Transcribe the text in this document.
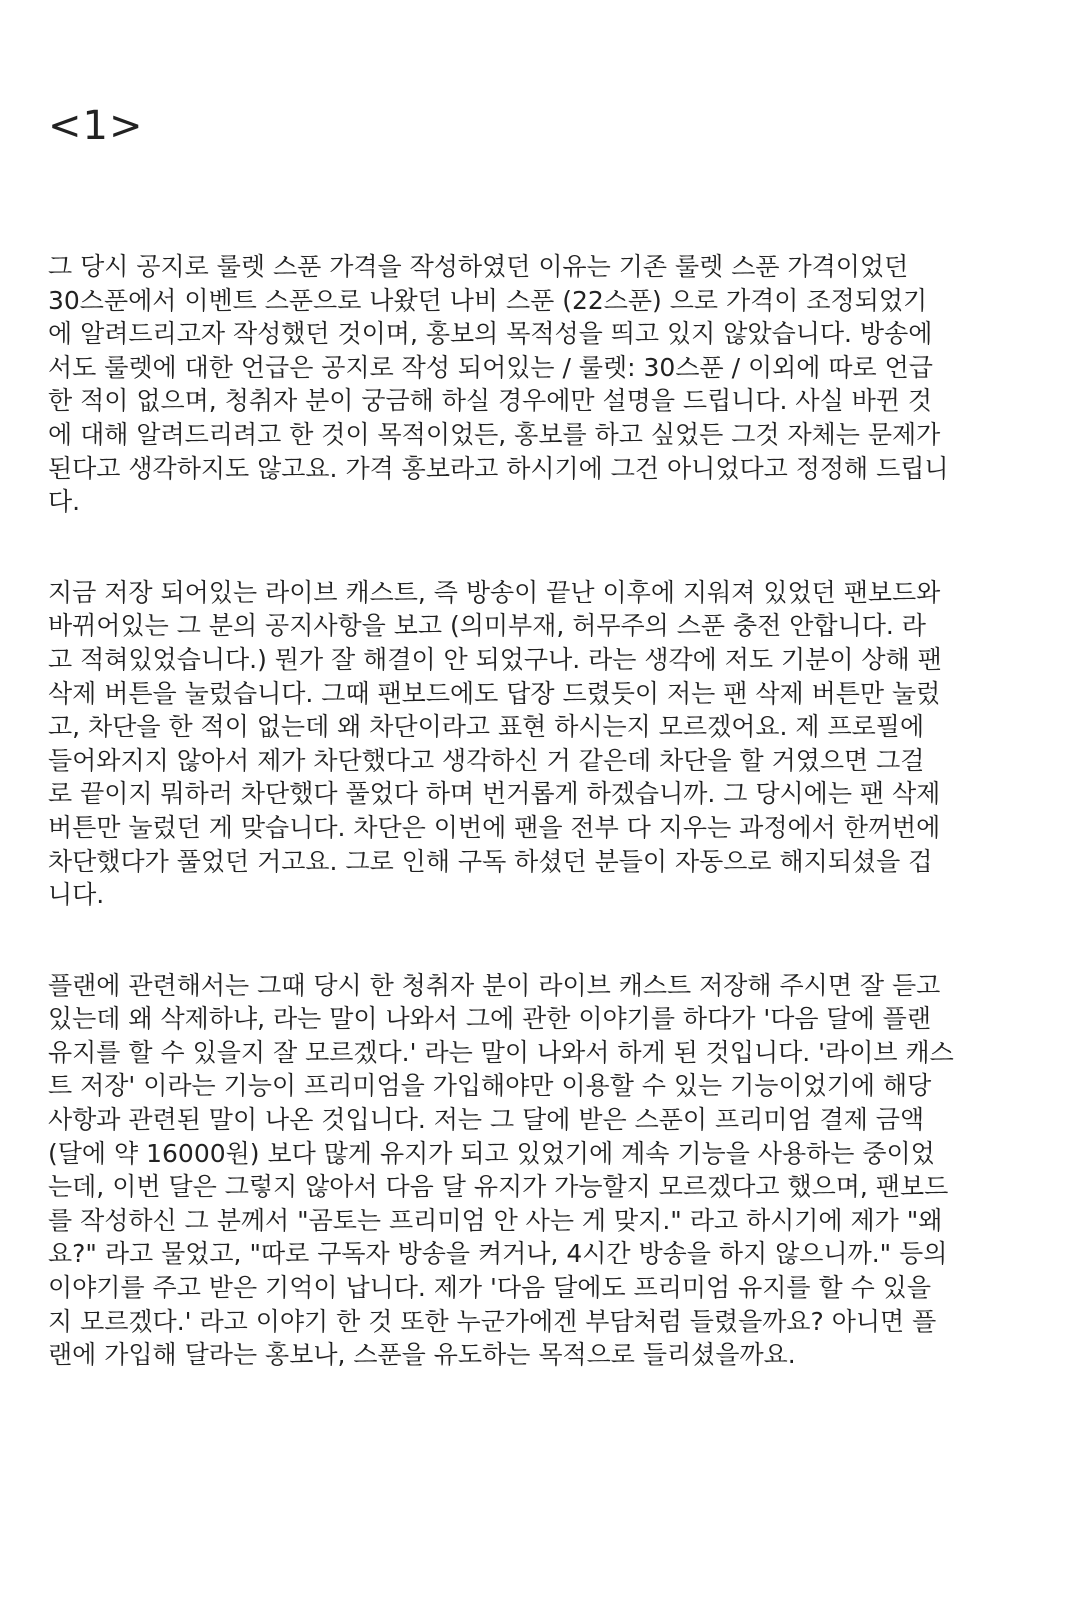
<1>

그 당시 공지로 룰렛 스푼 가격을 작성하였던 이유는 기존 룰렛 스푼 가격이었던
30스푼에서 이벤트 스푼으로 나왔던 나비 스푼 (22스푼) 으로 가격이 조정되었기
에 알려드리고자 작성했던 것이며, 홍보의 목적성을 띄고 있지 않았습니다. 방송에
서도 룰렛에 대한 언급은 공지로 작성 되어있는 / 룰렛: 30스푼 / 이외에 따로 언급
한 적이 없으며, 청취자 분이 궁금해 하실 경우에만 설명을 드립니다. 사실 바뀐 것
에 대해 알려드리려고 한 것이 목적이었든, 홍보를 하고 싶었든 그것 자체는 문제가
된다고 생각하지도 않고요. 가격 홍보라고 하시기에 그건 아니었다고 정정해 드립니
다.

지금 저장 되어있는 라이브 캐스트, 즉 방송이 끝난 이후에 지워져 있었던 팬보드와
바뀌어있는 그 분의 공지사항을 보고 (의미부재, 허무주의 스푼 충전 안합니다. 라
고 적혀있었습니다.) 뭔가 잘 해결이 안 되었구나. 라는 생각에 저도 기분이 상해 팬
삭제 버튼을 눌렀습니다. 그때 팬보드에도 답장 드렸듯이 저는 팬 삭제 버튼만 눌렀
고, 차단을 한 적이 없는데 왜 차단이라고 표현 하시는지 모르겠어요. 제 프로필에
들어와지지 않아서 제가 차단했다고 생각하신 거 같은데 차단을 할 거였으면 그걸
로 끝이지 뭐하러 차단했다 풀었다 하며 번거롭게 하겠습니까. 그 당시에는 팬 삭제
버튼만 눌렀던 게 맞습니다. 차단은 이번에 팬을 전부 다 지우는 과정에서 한꺼번에
차단했다가 풀었던 거고요. 그로 인해 구독 하셨던 분들이 자동으로 해지되셨을 겁
니다.

플랜에 관련해서는 그때 당시 한 청취자 분이 라이브 캐스트 저장해 주시면 잘 듣고
있는데 왜 삭제하냐, 라는 말이 나와서 그에 관한 이야기를 하다가 '다음 달에 플랜
유지를 할 수 있을지 잘 모르겠다.' 라는 말이 나와서 하게 된 것입니다. '라이브 캐스
트 저장' 이라는 기능이 프리미엄을 가입해야만 이용할 수 있는 기능이었기에 해당
사항과 관련된 말이 나온 것입니다. 저는 그 달에 받은 스푼이 프리미엄 결제 금액
(달에 약 16000원) 보다 많게 유지가 되고 있었기에 계속 기능을 사용하는 중이었
는데, 이번 달은 그렇지 않아서 다음 달 유지가 가능할지 모르겠다고 했으며, 팬보드
를 작성하신 그 분께서 "곰토는 프리미엄 안 사는 게 맞지." 라고 하시기에 제가 "왜
요?" 라고 물었고, "따로 구독자 방송을 켜거나, 4시간 방송을 하지 않으니까." 등의
이야기를 주고 받은 기억이 납니다. 제가 '다음 달에도 프리미엄 유지를 할 수 있을
지 모르겠다.' 라고 이야기 한 것 또한 누군가에겐 부담처럼 들렸을까요? 아니면 플
랜에 가입해 달라는 홍보나, 스푼을 유도하는 목적으로 들리셨을까요.
